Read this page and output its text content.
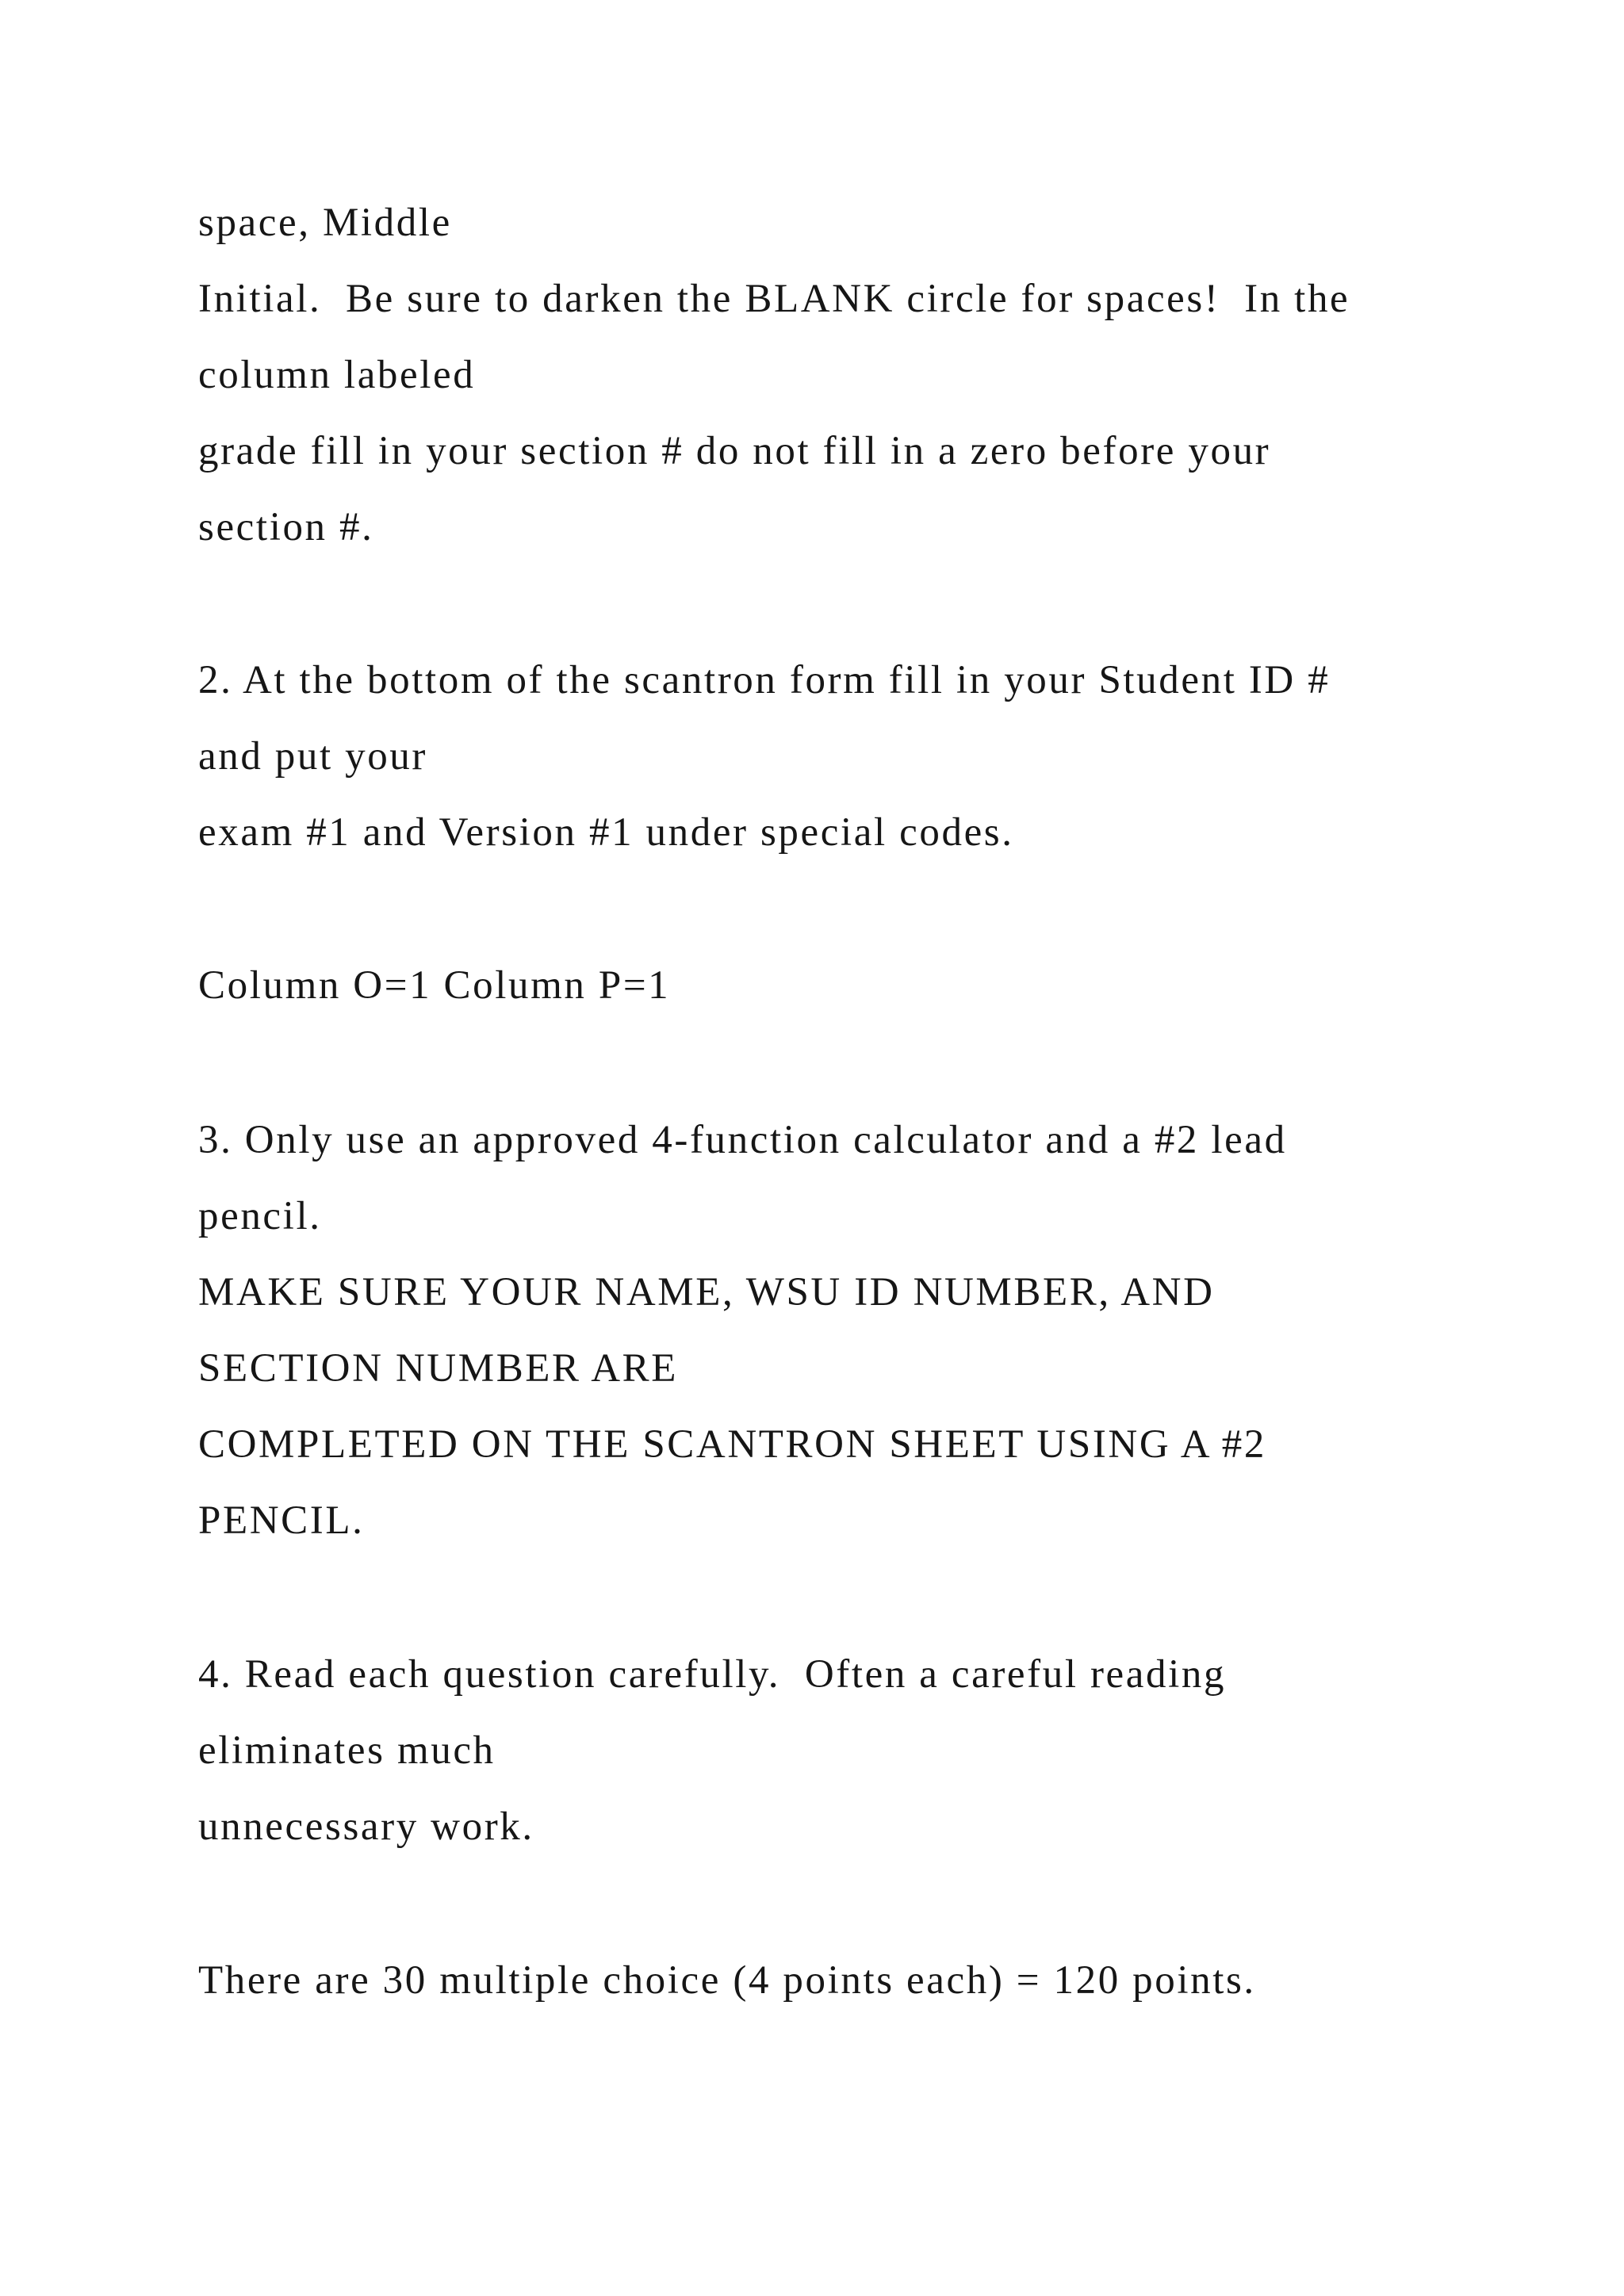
space, Middle
Initial.  Be sure to darken the BLANK circle for spaces!  In the
column labeled
grade fill in your section # do not fill in a zero before your
section #.
2. At the bottom of the scantron form fill in your Student ID #
and put your
exam #1 and Version #1 under special codes.
Column O=1 Column P=1
3. Only use an approved 4-function calculator and a #2 lead
pencil.
MAKE SURE YOUR NAME, WSU ID NUMBER, AND
SECTION NUMBER ARE
COMPLETED ON THE SCANTRON SHEET USING A #2
PENCIL.
4. Read each question carefully.  Often a careful reading
eliminates much
unnecessary work.
There are 30 multiple choice (4 points each) = 120 points.
